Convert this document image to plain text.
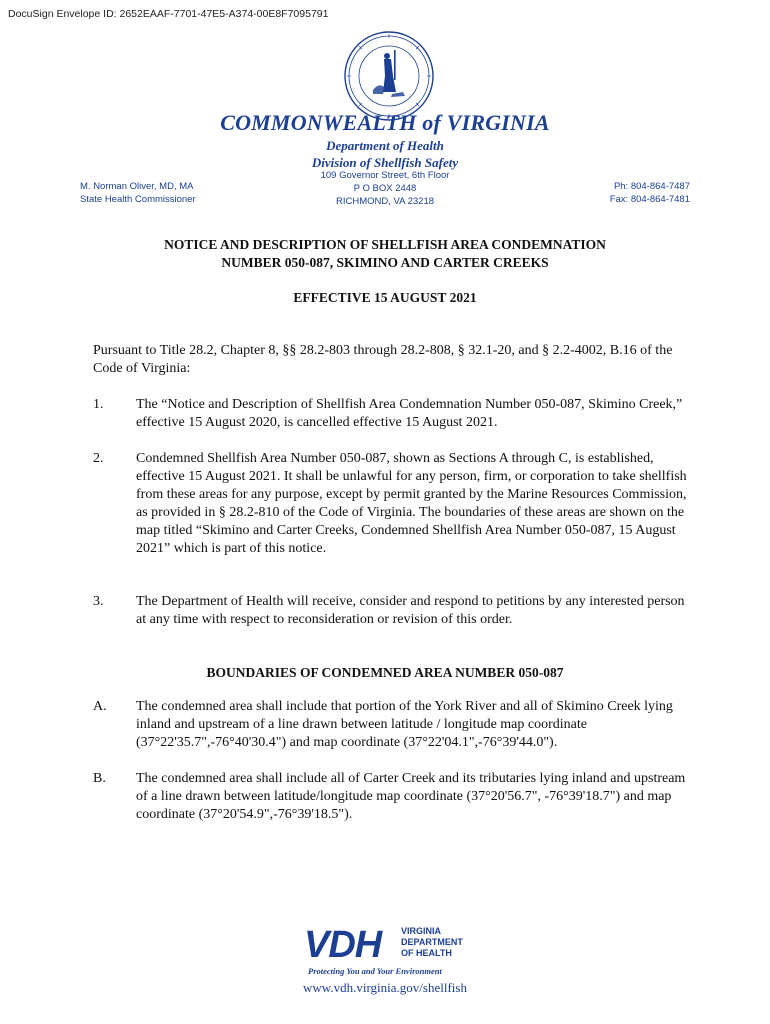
DocuSign Envelope ID: 2652EAAF-7701-47E5-A374-00E8F7095791
COMMONWEALTH of VIRGINIA
Department of Health
Division of Shellfish Safety
109 Governor Street, 6th Floor
P O BOX 2448
RICHMOND, VA 23218
M. Norman Oliver, MD, MA
State Health Commissioner
Ph: 804-864-7487
Fax: 804-864-7481
NOTICE AND DESCRIPTION OF SHELLFISH AREA CONDEMNATION
NUMBER 050-087, SKIMINO AND CARTER CREEKS
EFFECTIVE 15 AUGUST 2021
Pursuant to Title 28.2, Chapter 8, §§ 28.2-803 through 28.2-808, § 32.1-20, and § 2.2-4002, B.16 of the Code of Virginia:
1. The “Notice and Description of Shellfish Area Condemnation Number 050-087, Skimino Creek,” effective 15 August 2020, is cancelled effective 15 August 2021.
2. Condemned Shellfish Area Number 050-087, shown as Sections A through C, is established, effective 15 August 2021. It shall be unlawful for any person, firm, or corporation to take shellfish from these areas for any purpose, except by permit granted by the Marine Resources Commission, as provided in § 28.2-810 of the Code of Virginia. The boundaries of these areas are shown on the map titled “Skimino and Carter Creeks, Condemned Shellfish Area Number 050-087, 15 August 2021” which is part of this notice.
3. The Department of Health will receive, consider and respond to petitions by any interested person at any time with respect to reconsideration or revision of this order.
BOUNDARIES OF CONDEMNED AREA NUMBER 050-087
A. The condemned area shall include that portion of the York River and all of Skimino Creek lying inland and upstream of a line drawn between latitude / longitude map coordinate (37°22'35.7",-76°40'30.4") and map coordinate (37°22'04.1",-76°39'44.0").
B. The condemned area shall include all of Carter Creek and its tributaries lying inland and upstream of a line drawn between latitude/longitude map coordinate (37°20'56.7", -76°39'18.7") and map coordinate (37°20'54.9",-76°39'18.5").
VDH VIRGINIA
DEPARTMENT
OF HEALTH
Protecting You and Your Environment
www.vdh.virginia.gov/shellfish
